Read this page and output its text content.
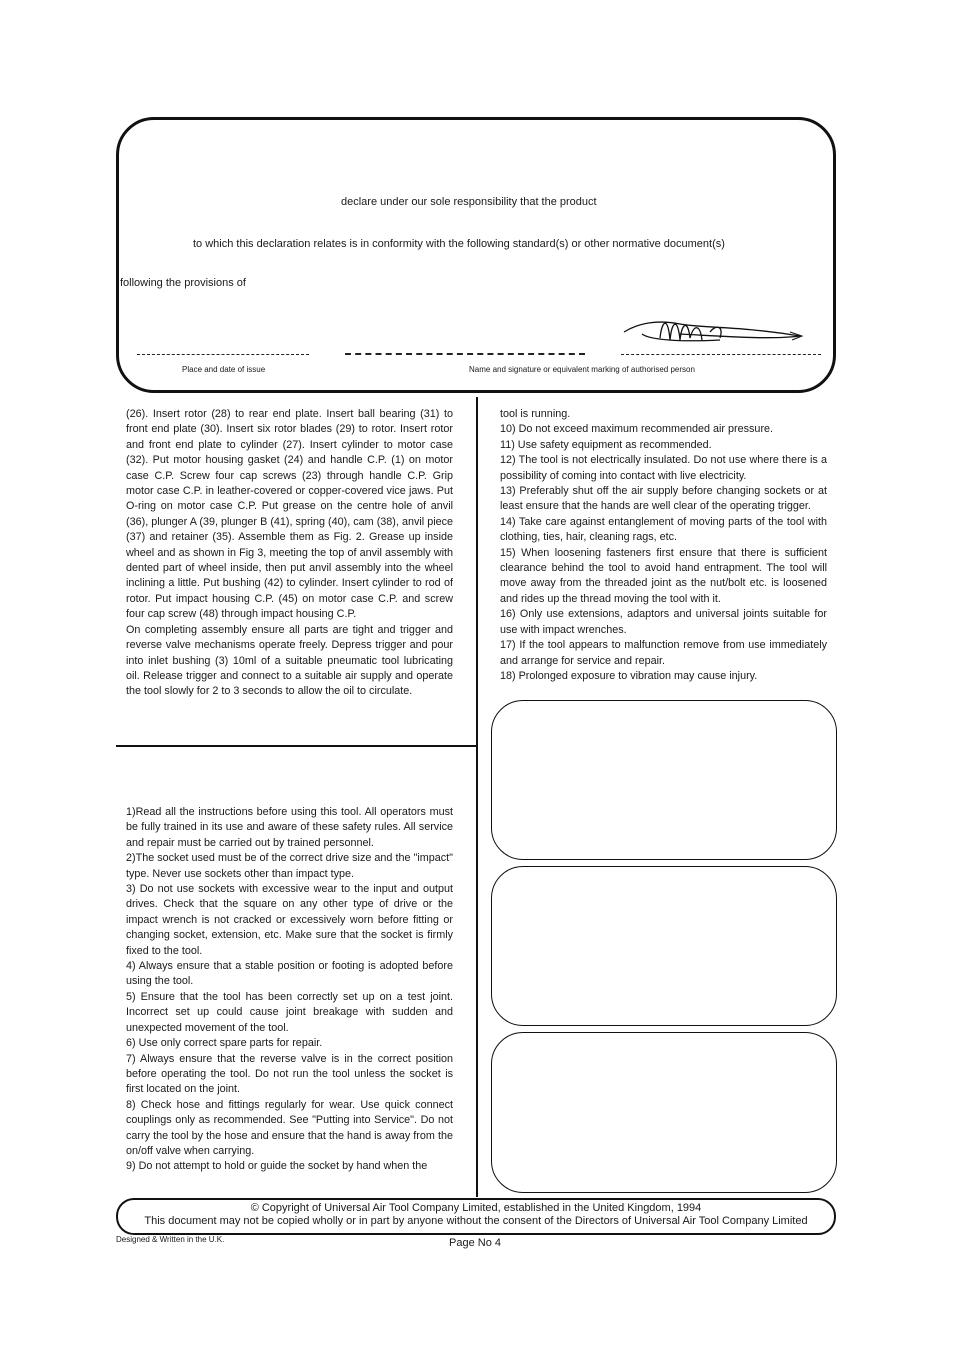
declare under our sole responsibility that the product
to which this declaration relates is in conformity with the following standard(s) or other normative document(s)
following the provisions of
Place and date of issue	Name and signature or equivalent marking of authorised person

(26). Insert rotor (28) to rear end plate. Insert ball bearing (31) to front end plate (30). Insert six rotor blades (29) to rotor. Insert rotor and front end plate to cylinder (27). Insert cylinder to motor case (32). Put motor housing gasket (24) and handle C.P. (1) on motor case C.P. Screw four cap screws (23) through handle C.P. Grip motor case C.P. in leather-covered or copper-covered vice jaws. Put O-ring on motor case C.P. Put grease on the centre hole of anvil (36), plunger A (39, plunger B (41), spring (40), cam (38), anvil piece (37) and retainer (35). Assemble them as Fig. 2. Grease up inside wheel and as shown in Fig 3, meeting the top of anvil assembly with dented part of wheel inside, then put anvil assembly into the wheel inclining a little. Put bushing (42) to cylinder. Insert cylinder to rod of rotor. Put impact housing C.P. (45) on motor case C.P. and screw four cap screw (48) through impact housing C.P.

On completing assembly ensure all parts are tight and trigger and reverse valve mechanisms operate freely. Depress trigger and pour into inlet bushing (3) 10ml of a suitable pneumatic tool lubricating oil. Release trigger and connect to a suitable air supply and operate the tool slowly for 2 to 3 seconds to allow the oil to circulate.

1)Read all the instructions before using this tool. All operators must be fully trained in its use and aware of these safety rules. All service and repair must be carried out by trained personnel.

2)The socket used must be of the correct drive size and the "impact" type. Never use sockets other than impact type.

3) Do not use sockets with excessive wear to the input and output drives. Check that the square on any other type of drive or the impact wrench is not cracked or excessively worn before fitting or changing socket, extension, etc. Make sure that the socket is firmly fixed to the tool.

4) Always ensure that a stable position or footing is adopted before using the tool.

5) Ensure that the tool has been correctly set up on a test joint. Incorrect set up could cause joint breakage with sudden and unexpected movement of the tool.

6) Use only correct spare parts for repair.

7) Always ensure that the reverse valve is in the correct position before operating the tool. Do not run the tool unless the socket is first located on the joint.

8) Check hose and fittings regularly for wear. Use quick connect couplings only as recommended. See "Putting into Service". Do not carry the tool by the hose and ensure that the hand is away from the on/off valve when carrying.

9) Do not attempt to hold or guide the socket by hand when the

tool is running.

10) Do not exceed maximum recommended air pressure.

11) Use safety equipment as recommended.

12) The tool is not electrically insulated. Do not use where there is a possibility of coming into contact with live electricity.

13) Preferably shut off the air supply before changing sockets or at least ensure that the hands are well clear of the operating trigger.

14) Take care against entanglement of moving parts of the tool with clothing, ties, hair, cleaning rags, etc.

15) When loosening fasteners first ensure that there is sufficient clearance behind the tool to avoid hand entrapment. The tool will move away from the threaded joint as the nut/bolt etc. is loosened and rides up the thread moving the tool with it.

16) Only use extensions, adaptors and universal joints suitable for use with impact wrenches.

17) If the tool appears to malfunction remove from use immediately and arrange for service and repair.

18) Prolonged exposure to vibration may cause injury.

© Copyright of Universal Air Tool Company Limited, established in the United Kingdom, 1994
This document may not be copied wholly or in part by anyone without the consent of the Directors of Universal Air Tool Company Limited
Designed & Written in the U.K.	Page No 4
